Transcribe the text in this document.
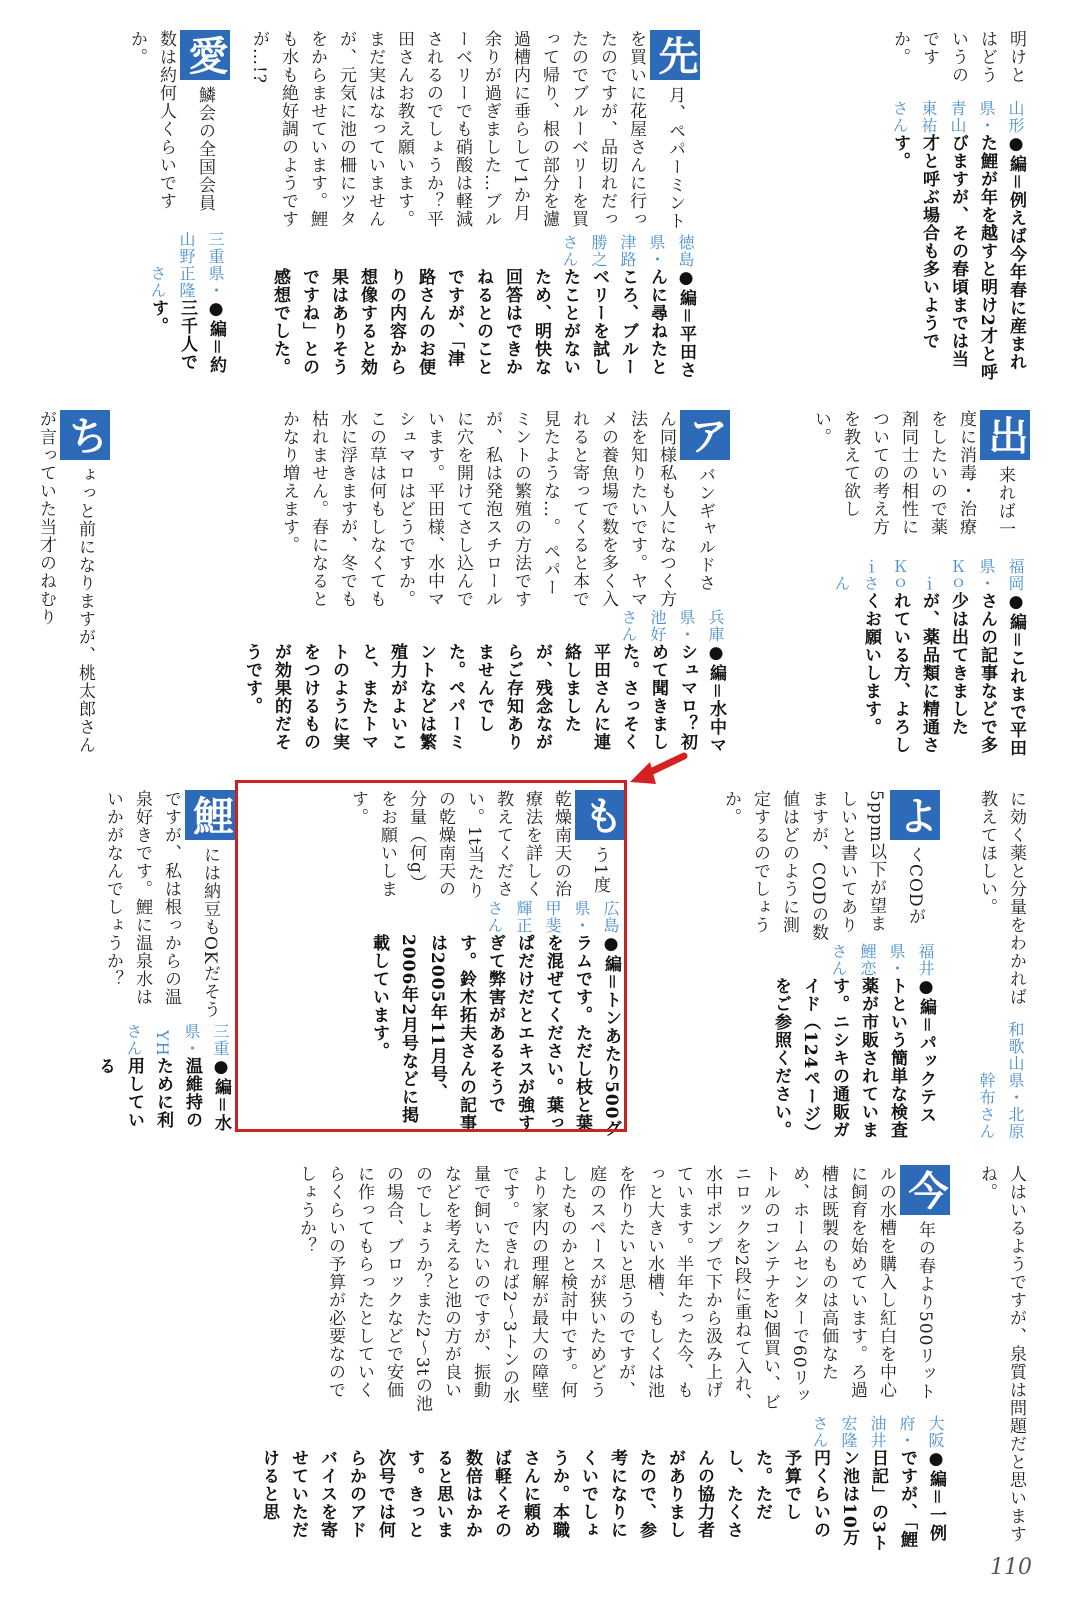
明けとはどういうのですか。
山形県・青山東祐さん
●編＝例えば今年春に産まれた鯉が年を越すと明け2才と呼びますが、その春頃までは当才と呼ぶ場合も多いようです。
先月、ペパーミントを買いに花屋さんに行ったのですが、品切れだったのでブルーベリーを買って帰り、根の部分を濾過槽内に垂らして1か月余りが過ぎました…ブルーベリーでも硝酸は軽減されるのでしょうか？平田さんお教え願います。まだ実はなっていませんが、元気に池の柵にツタをからませています。鯉も水も絶好調のようですが…!?
徳島県・津路勝之さん
●編＝平田さんに尋ねたところ、ブルーベリーを試したことがないため、明快な回答はできかねるとのことですが、「津路さんのお便りの内容から想像すると効果はありそうですね」との感想でした。
愛鱗会の全国会員数は約何人くらいですか。
三重県・山野正隆さん
●編＝約三千人です。
出来れば一度に消毒・治療をしたいので薬剤同士の相性についての考え方を教えて欲しい。
福岡県・Ｋｏｉ Ｋｏｉさん
●編＝これまで平田さんの記事などで多少は出てきましたが、薬品類に精通されている方、よろしくお願いします。
アバンギャルドさん同様私も人になつく方法を知りたいです。ヤマメの養魚場で数を多く入れると寄ってくると本で見たような…。 ペパーミントの繁殖の方法ですが、私は発泡スチロールに穴を開けてさし込んでいます。平田様、水中マシュマロはどうですか。この草は何もしなくても水に浮きますが、冬でも枯れません。春になるとかなり増えます。
兵庫県・池好さん
●編＝水中マシュマロ？初めて聞きました。さっそく平田さんに連絡しましたが、残念ながらご存知ありませんでした。ペパーミントなどは繁殖力がよいこと、またトマトのように実をつけるものが効果的だそうです。
ちょっと前になりますが、桃太郎さんが言っていた当才のねむり
に効く薬と分量をわかれば教えてほしい。
和歌山県・北原幹布さん
よくCODが5ppm以下が望ましいと書いてありますが、CODの数値はどのように測定するのでしょうか。
福井県・鯉恋さん
●編＝パックテストという簡単な検査薬が市販されています。ニシキの通販ガイド（124ページ）をご参照ください。
もう1度乾燥南天の治療法を詳しく教えてください。1t当たりの乾燥南天の分量（何g）をお願いします。
広島県・甲斐輝正さん
●編＝トンあたり500グラムです。ただし枝と葉を混ぜてください。葉っぱだけだとエキスが強すぎて弊害があるそうです。鈴木拓夫さんの記事は2005年11月号、2006年2月号などに掲載しています。
鯉には納豆もOKだそうですが、私は根っからの温泉好きです。鯉に温泉水はいかがなんでしょうか？
三重県・YHさん
●編＝水温維持のために利用している
人はいるようですが、泉質は問題だと思いますね。
今年の春より500リットルの水槽を購入し紅白を中心に飼育を始めています。ろ過槽は既製のものは高価なため、ホームセンターで60リットルのコンテナを2個買い、ビニロックを2段に重ねて入れ、水中ポンプで下から汲み上げています。半年たった今、もっと大きい水槽、もしくは池を作りたいと思うのですが、庭のスペースが狭いためどうしたものかと検討中です。何より家内の理解が最大の障壁です。できれば2〜3トンの水量で飼いたいのですが、振動などを考えると池の方が良いのでしょうか？また2〜3tの池の場合、ブロックなどで安価に作ってもらったとしていくらくらいの予算が必要なのでしょうか？
大阪府・油井宏隆さん
●編＝一例ですが、「鯉日記」の3トン池は10万円くらいの予算でした。ただし、たくさんの協力者がありましたので、参考になりにくいでしょうか。本職さんに頼めば軽くその数倍はかかると思います。きっと次号では何らかのアドバイスを寄せていただけると思
110
